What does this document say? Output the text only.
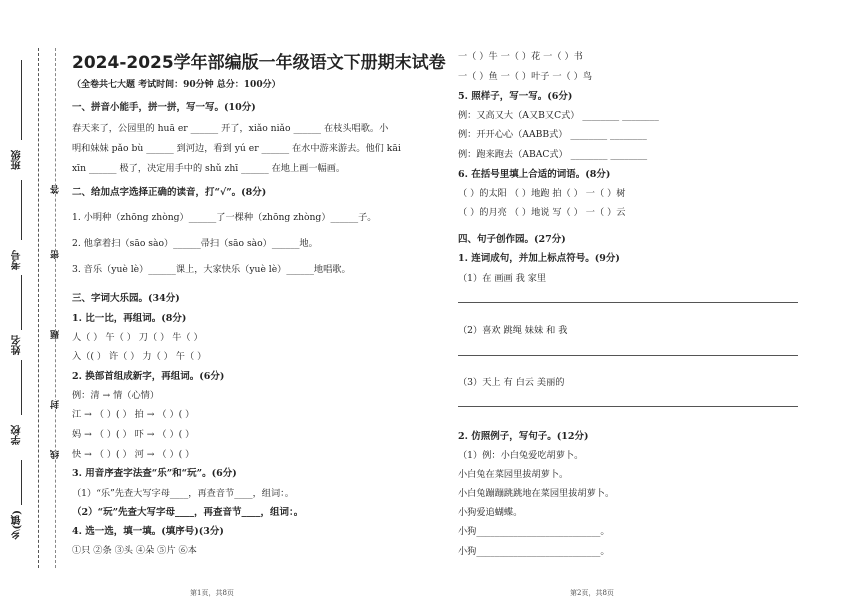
班级
考号
姓名
学校
乡(镇)
答
密
题
封
线
2024-2025学年部编版一年级语文下册期末试卷
（全卷共七大题 考试时间：90分钟 总分：100分）
一、拼音小能手，拼一拼，写一写。(10分)
春天来了，公园里的 huā er ______ 开了，xiǎo niǎo ______ 在枝头唱歌。小
明和妹妹 pǎo bù ______ 到河边，看到 yú er ______ 在水中游来游去。他们 kāi
xīn ______ 极了，决定用手中的 shǔ zhī ______ 在地上画一幅画。
二、给加点字选择正确的读音，打“√”。(8分)
1. 小明种（zhōng zhòng）______了一棵种（zhōng zhòng）______子。
2. 他拿着扫（sāo sào）______帚扫（sāo sào）______地。
3. 音乐（yuè lè）______课上，大家快乐（yuè lè）______地唱歌。
三、字词大乐园。(34分)
1. 比一比，再组词。(8分)
人（ ） 午（ ） 刀（ ） 牛（ ）
入（( ） 许（ ） 力（ ） 午（ ）
2. 换部首组成新字，再组词。(6分)
例：清 → 情（心情）
江 → （ ）( ） 拍 → （ ）( ）
妈 → （ ）( ） 吓 → （ ）( ）
快 → （ ）( ） 河 → （ ）( ）
3. 用音序查字法查“乐”和“玩”。(6分)
（1）“乐”先查大写字母____，再查音节____，组词：。
（2）“玩”先查大写字母____，再查音节____，组词：。
4. 选一选，填一填。(填序号)(3分)
①只 ②条 ③头 ④朵 ⑤片 ⑥本
第1页，共8页
一（ ）牛 一（ ）花 一（ ）书
一（ ）鱼 一（ ）叶子 一（ ）鸟
5. 照样子，写一写。(6分)
例：又高又大（A又B又C式） ________ ________
例：开开心心（AABB式） ________ ________
例：跑来跑去（ABAC式） ________ ________
6. 在括号里填上合适的词语。(8分)
（ ）的太阳 （ ）地跑 拍（ ） 一（ ）树
（ ）的月亮 （ ）地说 写（ ） 一（ ）云
四、句子创作园。(27分)
1. 连词成句，并加上标点符号。(9分)
（1）在 画画 我 家里
（2）喜欢 跳绳 妹妹 和 我
（3）天上 有 白云 美丽的
2. 仿照例子，写句子。(12分)
（1）例：小白兔爱吃胡萝卜。
小白兔在菜园里拔胡萝卜。
小白兔蹦蹦跳跳地在菜园里拔胡萝卜。
小狗爱追蝴蝶。
小狗___________________________。
小狗___________________________。
第2页，共8页
